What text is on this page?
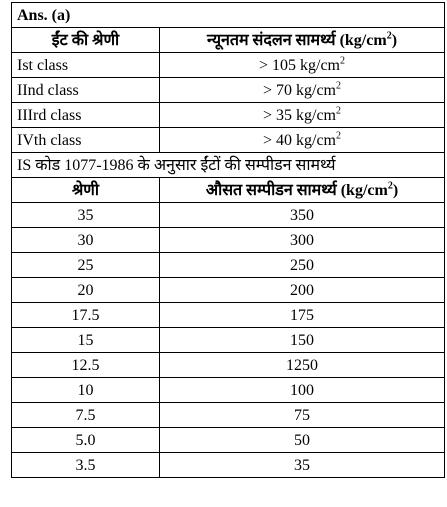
Ans. (a)	
ईंट की श्रेणी	न्यूनतम संदलन सामर्थ्य $(kg/cm^2)$
Ist class	> 105 $kg/cm^2$
IInd class	> 70 $kg/cm^2$
IIIrd class	> 35 $kg/cm^2$
IVth class	> 40 $kg/cm^2$
IS कोड 1077-1986 के अनुसार ईंटों की सम्पीडन सामर्थ्य	
श्रेणी	औसत सम्पीडन सामर्थ्य $(kg/cm^2)$
35	350
30	300
25	250
20	200
17.5	175
15	150
12.5	1250
10	100
7.5	75
5.0	50
3.5	35
